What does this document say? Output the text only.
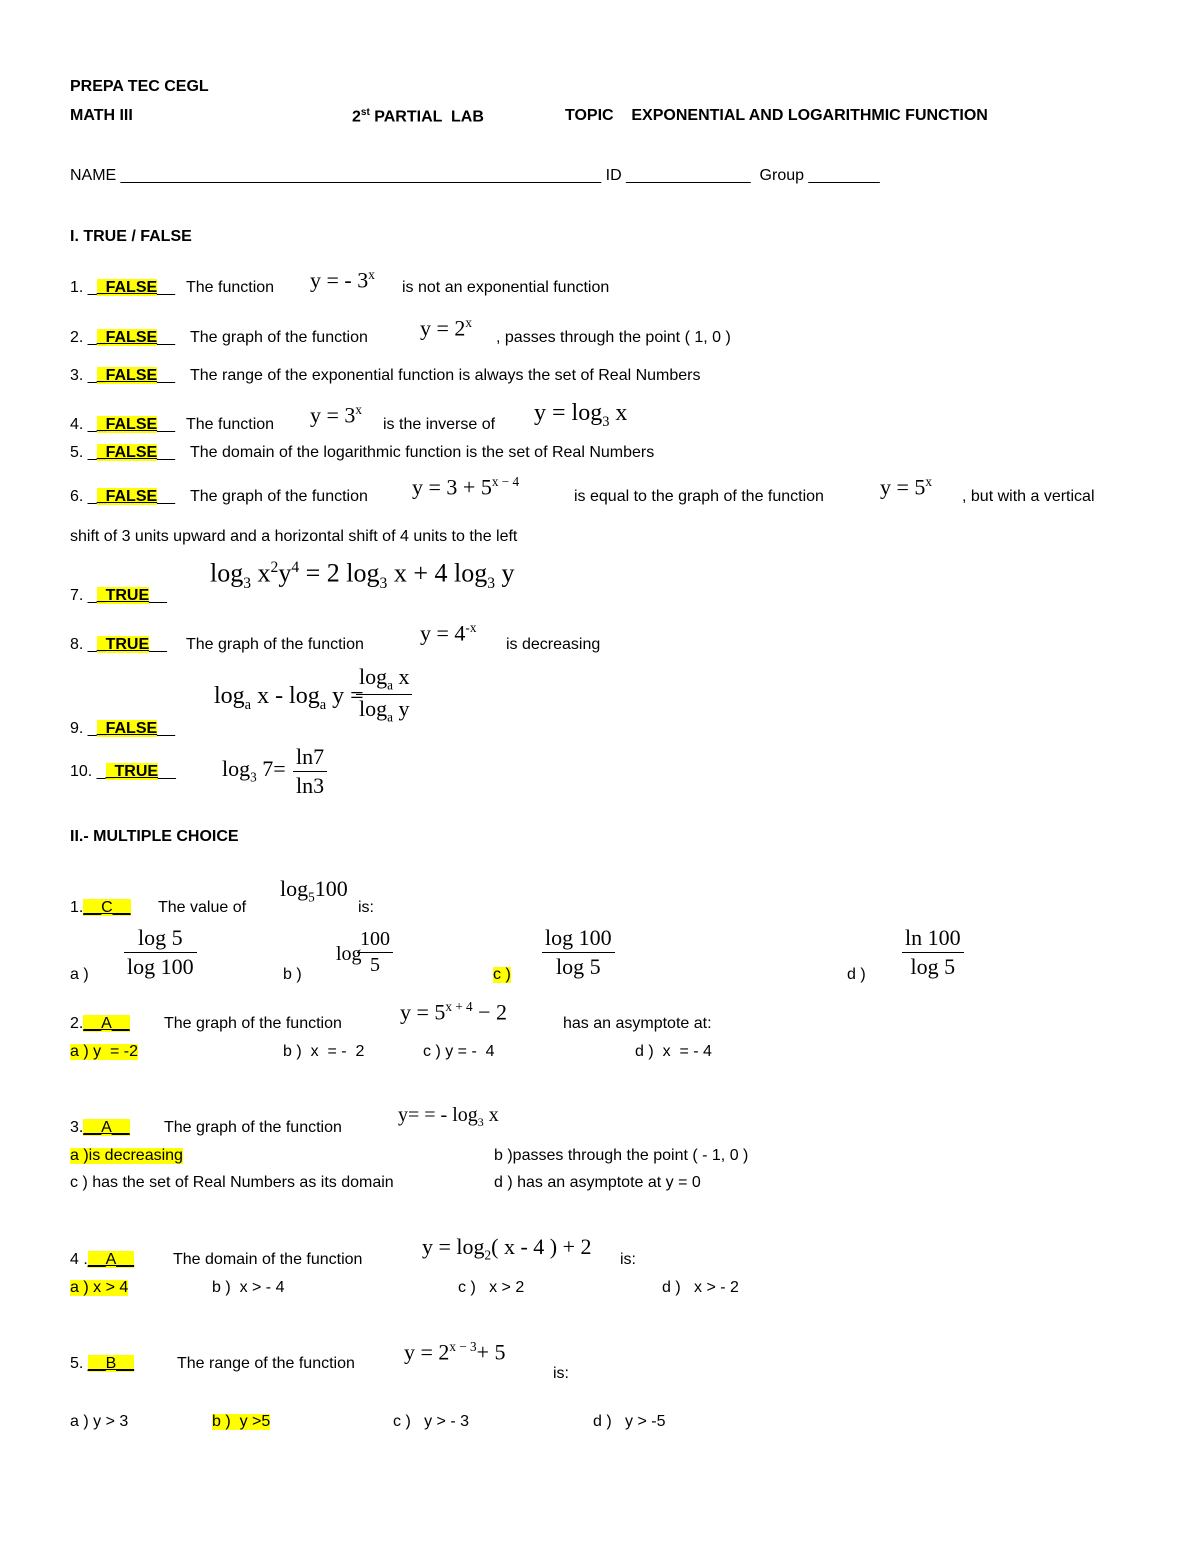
PREPA TEC CEGL
MATH III	2st PARTIAL  LAB	TOPIC    EXPONENTIAL AND LOGARITHMIC FUNCTION
NAME ______________________________________________________ ID ______________  Group ________
I. TRUE / FALSE
1. __FALSE__ The function y = - 3$^x$
is not an exponential function
2. __FALSE__ The graph of the function $y = 2^x$
, passes through the point ( 1, 0 )
3. __FALSE__ The range of the exponential function is always the set of Real Numbers
4. __FALSE__ The function $y = 3^x$
is the inverse of $y = \log_3 x$
5. __FALSE__ The domain of the logarithmic function is the set of Real Numbers
6. __FALSE__ The graph of the function $y = 3 + 5^{x - 4}$
is equal to the graph of the function	$y = 5^x$
, but with a vertical
shift of 3 units upward and a horizontal shift of 4 units to the left
$\log_3 x^2y^4 = 2$ $\log_3 x + 4$ $\log_3 y$
7. __TRUE__
8. __TRUE__ The graph of the function	$y = 4^{-x}$
is decreasing
$\log_a x - \log_a y$ =
$\frac{\log_a x}{\log_a y}$
9. __FALSE__
10. __TRUE__ $\log_3 7= \frac{\ln 7}{\ln 3}$
II.- MULTIPLE CHOICE
1.__C__ The value of
$\log_5100$
is:
a ) $\frac{\log 5}{\log 100}$	b )
log
$\frac{100}{5}$	c ) $\frac{\log 100}{\log 5}$	d ) $\frac{\ln 100}{\log 5}$
2.__A__ The graph of the function	$y = 5^{x + 4} - 2$	has an asymptote at:
a ) y  = -2	b )  x  = -  2	c ) y = -  4	d )  x  = - 4
3.__A__ The graph of the function
y= = - $\log_3 x$
a )is decreasing	b )passes through the point ( - 1, 0 )
c ) has the set of Real Numbers as its domain	d ) has an asymptote at y = 0
4 .__A__ The domain of the function
$y = \log_2$( x - 4 ) + 2
is:
a ) x > 4	b )  x > - 4	c )   x > 2	d )   x > - 2
5. __B__	The range of the function $y = 2^{x - 3}+ 5$
is:
a ) y > 3	b )  y >5	c )   y > - 3	d )   y > -5
